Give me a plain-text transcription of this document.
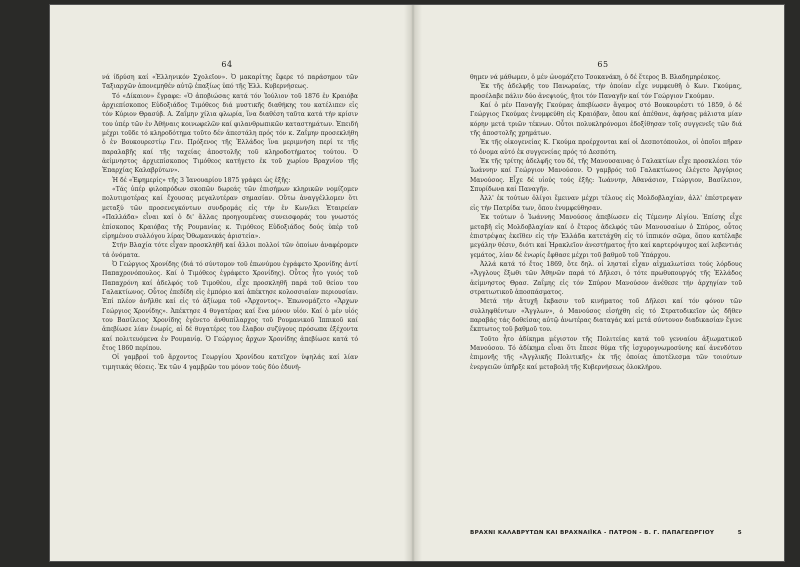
64

νά ίδρύση καί «Ἑλληνικόν Σχολεῖον». Ὁ μακαρίτης ἔφερε τό παράσημον τῶν Ταξιαρχῶν ἀπονεμηθέν αὐτῷ ἐπαξίως ὑπό τῆς Ἑλλ. Κυβερνήσεως.

Τό «Δίκαιον» ἔγραφε: «Ὁ ἀποβιώσας κατά τόν Ἰούλιον τοῦ 1876 ἐν Κραιόβα ἀρχιεπίσκοπος Εὐδοξιάδος Τιμόθεος διά μυστικῆς διαθήκης του κατέλιπεν εἰς τόν Κύριον Θρασύβ. Α. Ζαΐμην χίλια φλωρία, ἵνα διαθέση ταῦτα κατά τήν κρίσιν του ὑπέρ τῶν ἐν Ἀθήναις κοινωφελῶν καί φιλανθρωπικῶν καταστημάτων. Ἐπειδή μέχρι τοῦδε τό κληροδότημα τοῦτο δέν ἀπεστάλη πρός τόν κ. Ζαΐμην προσεκλήθη ὁ ἐν Βουκουρεστίῳ Γεν. Πρόξενος τῆς Ἑλλάδος ἵνα μεριμνήση περί τε τῆς παραλαβῆς καί τῆς ταχείας ἀποστολῆς τοῦ κληροδοτήματος τούτου. Ὁ ἀείμνηστος ἀρχιεπίσκοπος Τιμόθεος κατήγετο ἐκ τοῦ χωρίου Βραχνίου τῆς Ἐπαρχίας Καλαβρύτων».

Ἡ δέ «Ἐφημερίς» τῆς 3 Ἰανουαρίου 1875 γράφει ὡς ἑξῆς:

«Τάς ὑπέρ φιλοπρόδων σκοπῶν δωρεάς τῶν ἐπισήμων κληρικῶν νομίζομεν πολυτιμοτέρας καί ἔχουσας μεγαλυτέραν σημασίαν. Οὕτω ἀναγγέλλομεν ὅτι μεταξύ τῶν προσενεγκόντων συνδρομάς εἰς τήν ἐν Κων/λει Ἑταιρείαν «Παλλάδα» εἶναι καί ὁ δι' ἄλλας προηγουμένας συνεισφοράς του γνωστός ἐπίσκοπος Κραιόβας τῆς Ρουμανίας κ. Τιμόθεος Εὐδοξιάδος δούς ὑπέρ τοῦ εἰρημένου συλλόγου λίρας Ὀθωμανικάς ἀριστεία».

Στήν Βλαχία τότε εἶχαν προσκληθῆ καί ἄλλοι πολλοί τῶν ὁποίων ἀναφέρομεν τά ὀνόματα.

Ὁ Γεώργιος Χρονίδης (διά τό σύντομον τοῦ ἐπωνύμου ἐγράφετο Χρονίδης ἀντί Παπαχρονόπουλος. Καί ὁ Τιμόθεος ἐγράφετο Χρονίδης). Οὗτος ἦτο γυιός τοῦ Παπαχρόνη καί ἀδελφός τοῦ Τιμοθέου, εἶχε προσκληθῆ παρά τοῦ θείου του Γαλακτίωνος. Οὗτος ἐπεδίδη εἰς ἐμπόριο καί ἀπέκτησε κολοσσιαίαν περιουσίαν. Ἐπί πλέον ἀνῆλθε καί εἰς τό ἀξίωμα τοῦ «Ἄρχοντος». Ἐπωνομάζετο «Ἄρχων Γεώργιος Χρονίδης». Ἀπέκτησε 4 θυγατέρας καί ἕνα μόνον υἱόν. Καί ὁ μέν υἱός του Βασίλειος Χρονίδης ἐγένετο ἀνθυπίλαρχος τοῦ Ρουμανικοῦ Ἱππικοῦ καί ἀπεβίωσε λίαν ἐνωρίς, αἱ δέ θυγατέρες του ἔλαβον συζύγους πρόσωπα ἐξέχοντα καί πολιτευόμενα ἐν Ρουμανίᾳ. Ὁ Γεώργιος ἄρχων Χρονίδης ἀπεβίωσε κατά τό ἔτος 1860 περίπου.

Οἱ γαμβροί τοῦ ἄρχοντος Γεωργίου Χρονίδου κατεῖχον ὑψηλάς καί λίαν τιμητικάς θέσεις. Ἐκ τῶν 4 γαμβρῶν του μόνον τούς δύο ἐδυνή-

65

θημεν νά μάθωμεν, ὁ μέν ὠνομάζετο Τσοκανάκη, ὁ δέ ἕτερος Β. Βλαδημηρέσκος.

Ἐκ τῆς ἀδελφῆς του Πανωραίας, τήν ὁποίαν εἶχε νυμφευθῆ ὁ Κων. Γκούμας, προσέλαβε πάλιν δύο ἀνεψιούς, ἤτοι τόν Παναγῆν καί τόν Γεώργιον Γκούμαν.

Καί ὁ μέν Παναγῆς Γκούμας ἀπεβίωσεν ἄγαμος στό Βουκουρέστι τό 1859, ὁ δέ Γεώργιος Γκούμας ἐνυμφεύθη εἰς Κραιόβαν, ὅπου καί ἀπέθανε, ἀφήσας μάλιστα μίαν κόρην μετά τριῶν τέκνων. Οὗτοι πολυκληρόνομοι ἐδοξίθησαν τοῖς συγγενεῖς τῶν διά τῆς ἀποστολῆς χρημάτων.

Ἐκ τῆς οἰκογενείας Κ. Γκούμα προέρχονται καί οἱ Δεσποτόπουλοι, οἱ ὁποῖοι πῆραν τό ὄνομα αὐτό ἐκ συγγενείας πρός τό Δεσπότη.

Ἐκ τῆς τρίτης ἀδελφῆς του δέ, τῆς Μανουσαινας ὁ Γαλακτίων εἶχε προσκλέσει τόν Ἰωάννην καί Γεώργιον Μανούσον. Ὁ γαμβρός τοῦ Γαλακτίωνος ἐλέγετο Ἀργύριος Μανούσος. Εἶχε δέ υἱούς τούς ἑξῆς: Ἰωάννην, Ἀθανάσιον, Γεώργιον, Βασίλειον, Σπυρίδωνα καί Παναγῆν.

Ἀλλ' ἐκ τούτων ὀλίγοι ἔμειναν μέχρι τέλους εἰς Μολδοβλαχίαν, ἀλλ' ἐπέστρεψαν εἰς τήν Πατρίδα των, ὅπου ἐνυμφεύθησαν.

Ἐκ τούτων ὁ Ἰωάννης Μανούσος ἀπεβίωσεν εἰς Τέμενην Αἰγίου. Ἐπίσης εἶχε μεταβῆ εἰς Μολδοβλαχίαν καί ὁ ἕτερος ἀδελφός τῶν Μανουσαίων ὁ Σπύρος, οὗτος ἐπιστρέψας ἐκεῖθεν εἰς τήν Ἑλλάδα κατετάχθη εἰς τό ἱππικόν σῶμα, ὅπου κατέλαβε μεγάλην θέσιν, διότι καί Ἡρακλεῖον ἀνεστήματος ἦτο καί καρτερόψυχος καί λεβεντιάς γεμάτος, λίαν δέ ἐνωρίς ἔφθασε μέχρι τοῦ βαθμοῦ τοῦ Ὑπάρχου.

Ἀλλά κατά τό ἔτος 1869, ὅτε δηλ. οἱ λησταί εἶχαν αἰχμαλωτίσει τούς λόρδους «Ἄγγλους ἔξωθι τῶν Ἀθηνῶν παρά τό Δῆλεσι, ὁ τότε πρωθυπουργός τῆς Ἑλλάδος ἀείμνηστος Θρασ. Ζαΐμης εἰς τόν Σπύρον Μανούσον ἀνέθεσε τήν ἀρχηγίαν τοῦ στρατιωτικοῦ ἀποσπάσματος.

Μετά τήν ἄτυχῆ ἔκβασιν τοῦ κινήματος τοῦ Δῆλεσι καί τόν φόνον τῶν συλληφθέντων «Ἄγγλων», ὁ Μανούσος εἰσήχθη εἰς τό Στρατοδικεῖον ὡς δῆθεν παραβάς τάς δοθείσας αὐτῷ ἀνωτέρας διαταγάς καί μετά σύντονον διαδικασίαν ἔγινε ἔκπτωτος τοῦ βαθμοῦ του.

Τοῦτο ἦτο ἀδίκημα μέγιστον τῆς Πολιτείας κατά τοῦ γενναίου ἀξιωματικοῦ Μανούσου. Τό ἀδίκημα εἶναι ὅτι ἔπεσε θύμα τῆς ἰσχυρογνωμοσύνης καί ἀνενδότου ἐπιμονῆς τῆς «Ἀγγλικῆς Πολιτικῆς» ἐκ τῆς ὁποίας ἀποτέλεσμα τῶν τοιούτων ἐνεργειῶν ὑπῆρξε καί μεταβολή τῆς Κυβερνήσεως ὁλοκλήρου.

ΒΡΑΧΝΙ ΚΑΛΑΒΡΥΤΩΝ ΚΑΙ ΒΡΑΧΝΑΙΪΚΑ - ΠΑΤΡΟΝ - Β. Γ. ΠΑΠΑΓΕΩΡΓΙΟΥ	5
